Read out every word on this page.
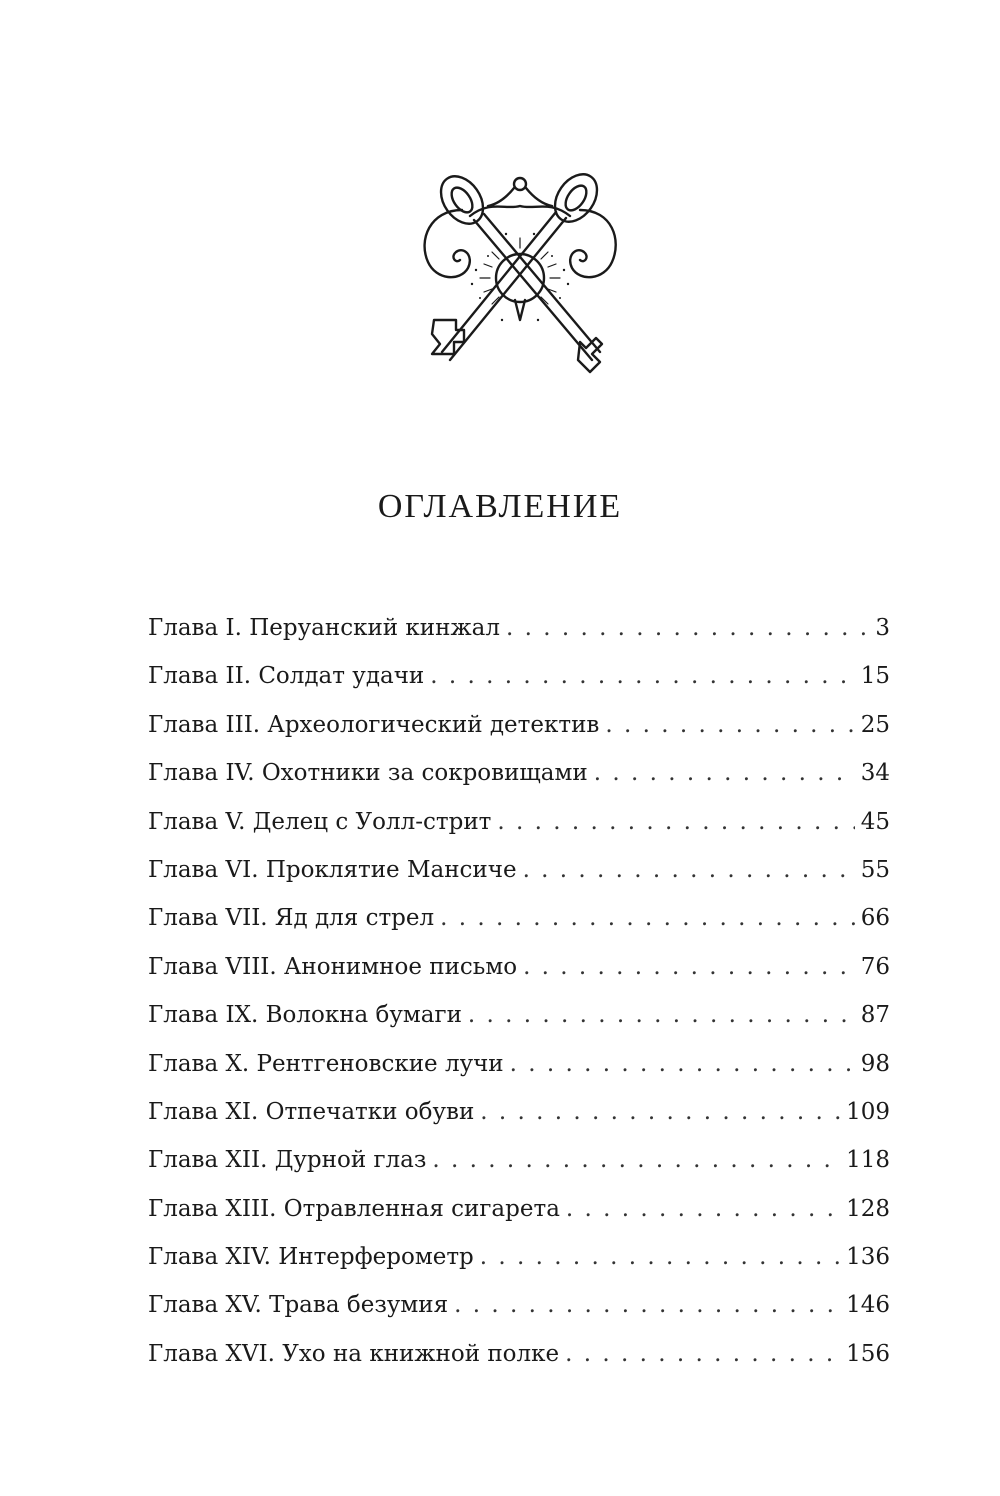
ОГЛАВЛЕНИЕ
Глава I. Перуанский кинжал . . .	3
Глава II. Солдат удачи . . .	15
Глава III. Археологический детектив . . .	25
Глава IV. Охотники за сокровищами . . .	34
Глава V. Делец с Уолл-стрит . . .	45
Глава VI. Проклятие Мансиче . . .	55
Глава VII. Яд для стрел . . .	66
Глава VIII. Анонимное письмо . . .	76
Глава IX. Волокна бумаги . . .	87
Глава X. Рентгеновские лучи . . .	98
Глава XI. Отпечатки обуви . . .	109
Глава XII. Дурной глаз . . .	118
Глава XIII. Отравленная сигарета . . .	128
Глава XIV. Интерферометр . . .	136
Глава XV. Трава безумия . . .	146
Глава XVI. Ухо на книжной полке . . .	156
